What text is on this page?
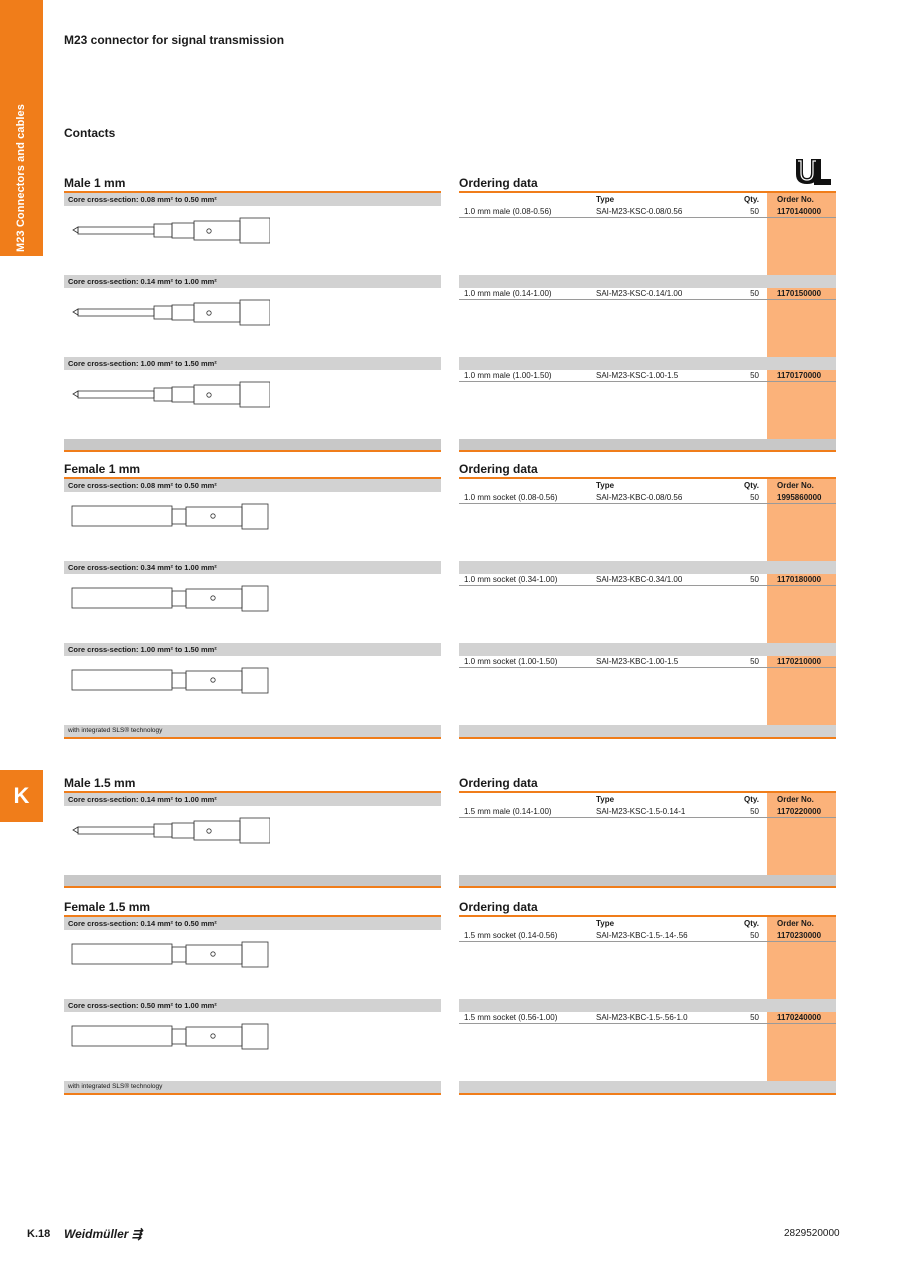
M23 Connectors and cables
K
M23 connector for signal transmission
Contacts
Male 1 mm	Ordering data
Core cross-section: 0.08 mm² to 0.50 mm²
Core cross-section: 0.14 mm² to 1.00 mm²
Core cross-section: 1.00 mm² to 1.50 mm²
Type	Qty. Order No.
1.0 mm male (0.08-0.56)	SAI-M23-KSC-0.08/0.56	50 1170140000
1.0 mm male (0.14-1.00)	SAI-M23-KSC-0.14/1.00	50 1170150000
1.0 mm male (1.00-1.50)	SAI-M23-KSC-1.00-1.5	50 1170170000
Female 1 mm	Ordering data
Core cross-section: 0.08 mm² to 0.50 mm²
Core cross-section: 0.34 mm² to 1.00 mm²
Core cross-section: 1.00 mm² to 1.50 mm²
with integrated SLS® technology
Type	Qty. Order No.
1.0 mm socket (0.08-0.56)	SAI-M23-KBC-0.08/0.56	50 1995860000
1.0 mm socket (0.34-1.00)	SAI-M23-KBC-0.34/1.00	50 1170180000
1.0 mm socket (1.00-1.50)	SAI-M23-KBC-1.00-1.5	50 1170210000
Male 1.5 mm	Ordering data
Core cross-section: 0.14 mm² to 1.00 mm²	Type	Qty. Order No.
1.5 mm male (0.14-1.00)	SAI-M23-KSC-1.5-0.14-1	50 1170220000
Female 1.5 mm	Ordering data
Core cross-section: 0.14 mm² to 0.50 mm²
Core cross-section: 0.50 mm² to 1.00 mm²
with integrated SLS® technology
Type	Qty. Order No.
1.5 mm socket (0.14-0.56)	SAI-M23-KBC-1.5-.14-.56	50 1170230000
1.5 mm socket (0.56-1.00)	SAI-M23-KBC-1.5-.56-1.0	50 1170240000
K.18 Weidmüller ⇶	2829520000
